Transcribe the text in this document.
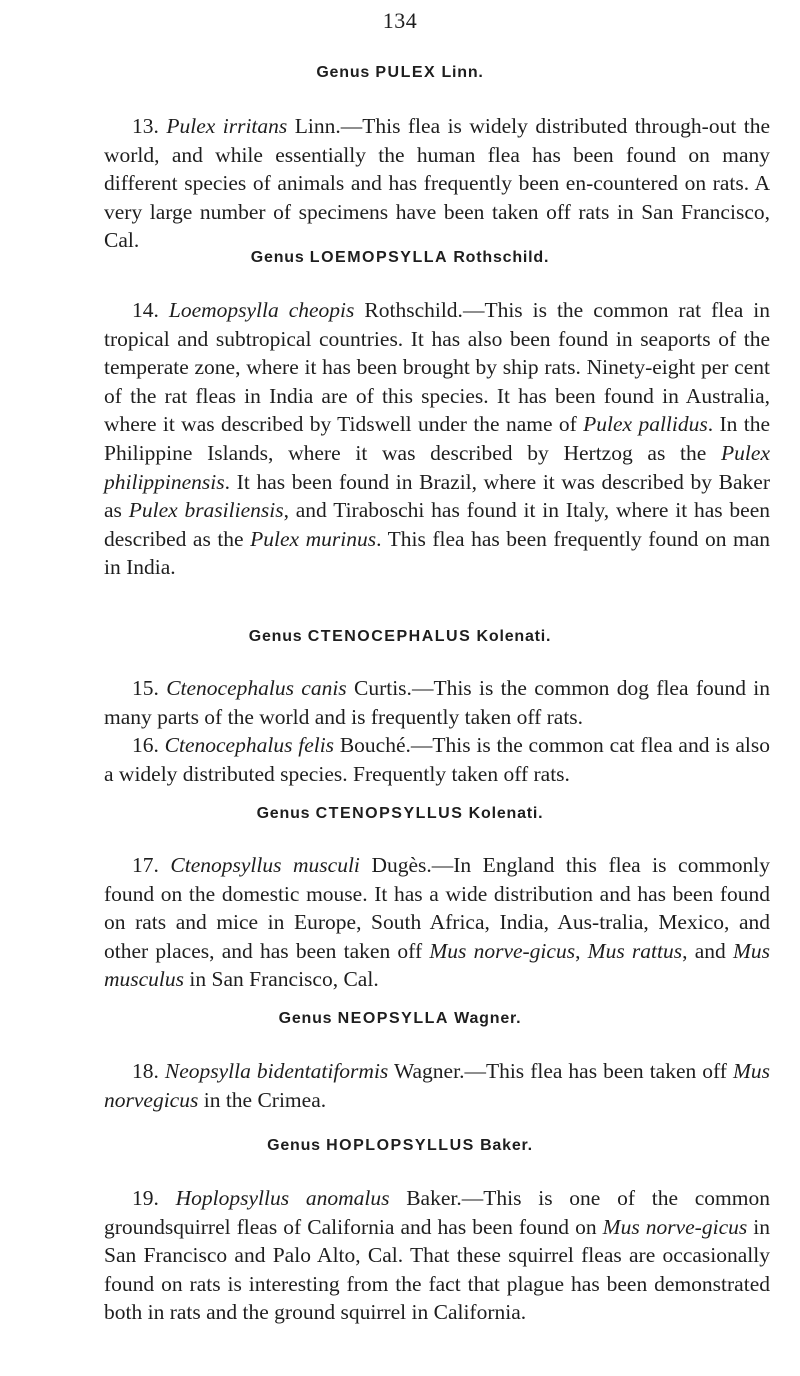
134
Genus PULEX Linn.
13. Pulex irritans Linn.—This flea is widely distributed through-out the world, and while essentially the human flea has been found on many different species of animals and has frequently been en-countered on rats. A very large number of specimens have been taken off rats in San Francisco, Cal.
Genus LOEMOPSYLLA Rothschild.
14. Loemopsylla cheopis Rothschild.—This is the common rat flea in tropical and subtropical countries. It has also been found in seaports of the temperate zone, where it has been brought by ship rats. Ninety-eight per cent of the rat fleas in India are of this species. It has been found in Australia, where it was described by Tidswell under the name of Pulex pallidus. In the Philippine Islands, where it was described by Hertzog as the Pulex philippinensis. It has been found in Brazil, where it was described by Baker as Pulex brasiliensis, and Tiraboschi has found it in Italy, where it has been described as the Pulex murinus. This flea has been frequently found on man in India.
Genus CTENOCEPHALUS Kolenati.
15. Ctenocephalus canis Curtis.—This is the common dog flea found in many parts of the world and is frequently taken off rats.
16. Ctenocephalus felis Bouché.—This is the common cat flea and is also a widely distributed species. Frequently taken off rats.
Genus CTENOPSYLLUS Kolenati.
17. Ctenopsyllus musculi Dugès.—In England this flea is commonly found on the domestic mouse. It has a wide distribution and has been found on rats and mice in Europe, South Africa, India, Aus-tralia, Mexico, and other places, and has been taken off Mus norve-gicus, Mus rattus, and Mus musculus in San Francisco, Cal.
Genus NEOPSYLLA Wagner.
18. Neopsylla bidentatiformis Wagner.—This flea has been taken off Mus norvegicus in the Crimea.
Genus HOPLOPSYLLUS Baker.
19. Hoplopsyllus anomalus Baker.—This is one of the common groundsquirrel fleas of California and has been found on Mus norve-gicus in San Francisco and Palo Alto, Cal. That these squirrel fleas are occasionally found on rats is interesting from the fact that plague has been demonstrated both in rats and the ground squirrel in California.
